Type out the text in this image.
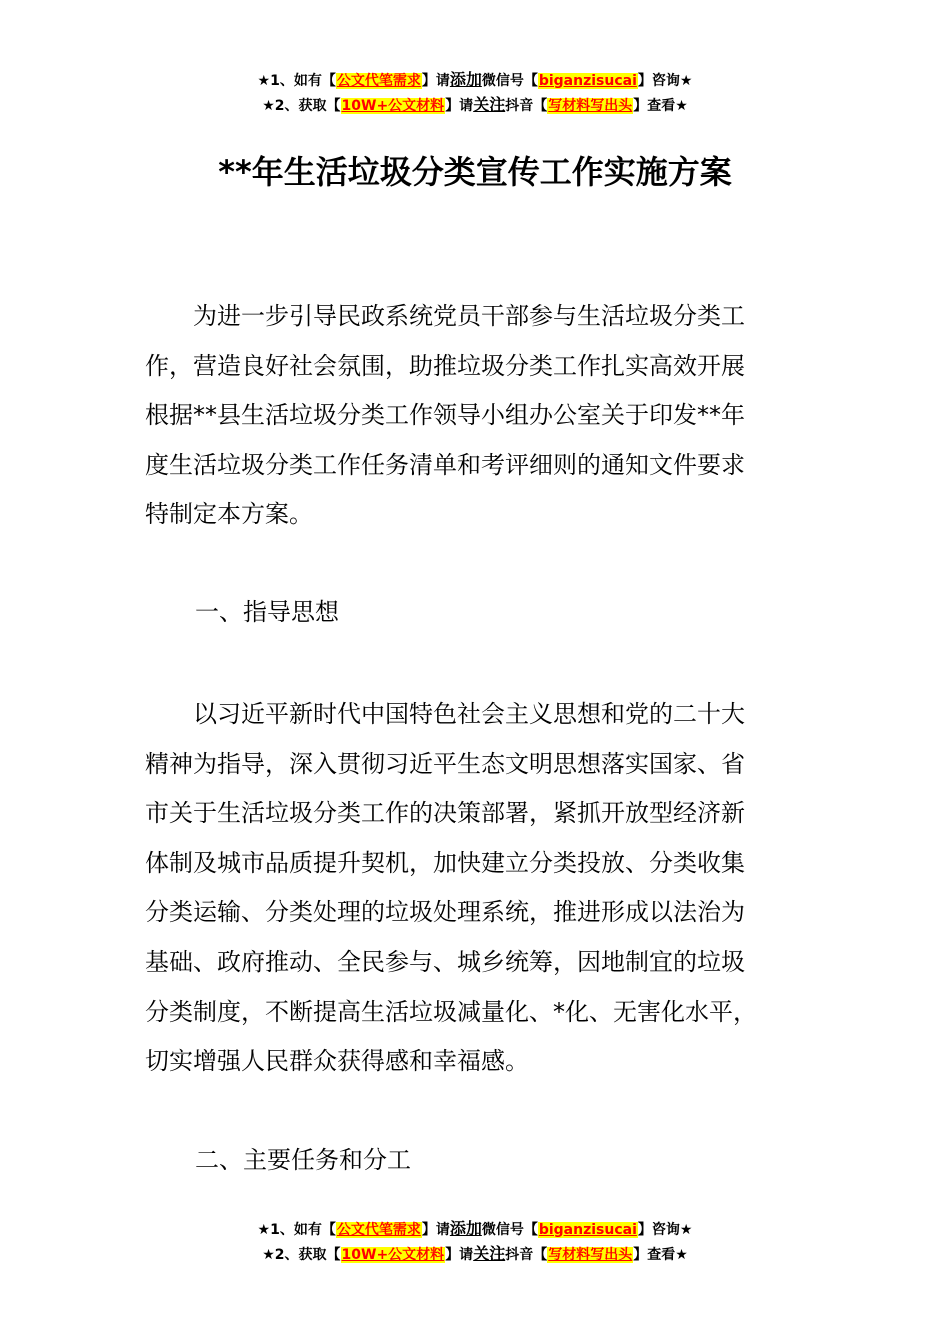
★1、如有【公文代笔需求】请添加微信号【biganzisucai】咨询★
★2、获取【10W+公文材料】请关注抖音【写材料写出头】查看★
**年生活垃圾分类宣传工作实施方案
为进一步引导民政系统党员干部参与生活垃圾分类工
作，营造良好社会氛围，助推垃圾分类工作扎实高效开展
根据**县生活垃圾分类工作领导小组办公室关于印发**年
度生活垃圾分类工作任务清单和考评细则的通知文件要求
特制定本方案。
一、指导思想
以习近平新时代中国特色社会主义思想和党的二十大
精神为指导，深入贯彻习近平生态文明思想落实国家、省
市关于生活垃圾分类工作的决策部署，紧抓开放型经济新
体制及城市品质提升契机，加快建立分类投放、分类收集
分类运输、分类处理的垃圾处理系统，推进形成以法治为
基础、政府推动、全民参与、城乡统筹，因地制宜的垃圾
分类制度，不断提高生活垃圾减量化、*化、无害化水平，
切实增强人民群众获得感和幸福感。
二、主要任务和分工
★1、如有【公文代笔需求】请添加微信号【biganzisucai】咨询★
★2、获取【10W+公文材料】请关注抖音【写材料写出头】查看★
